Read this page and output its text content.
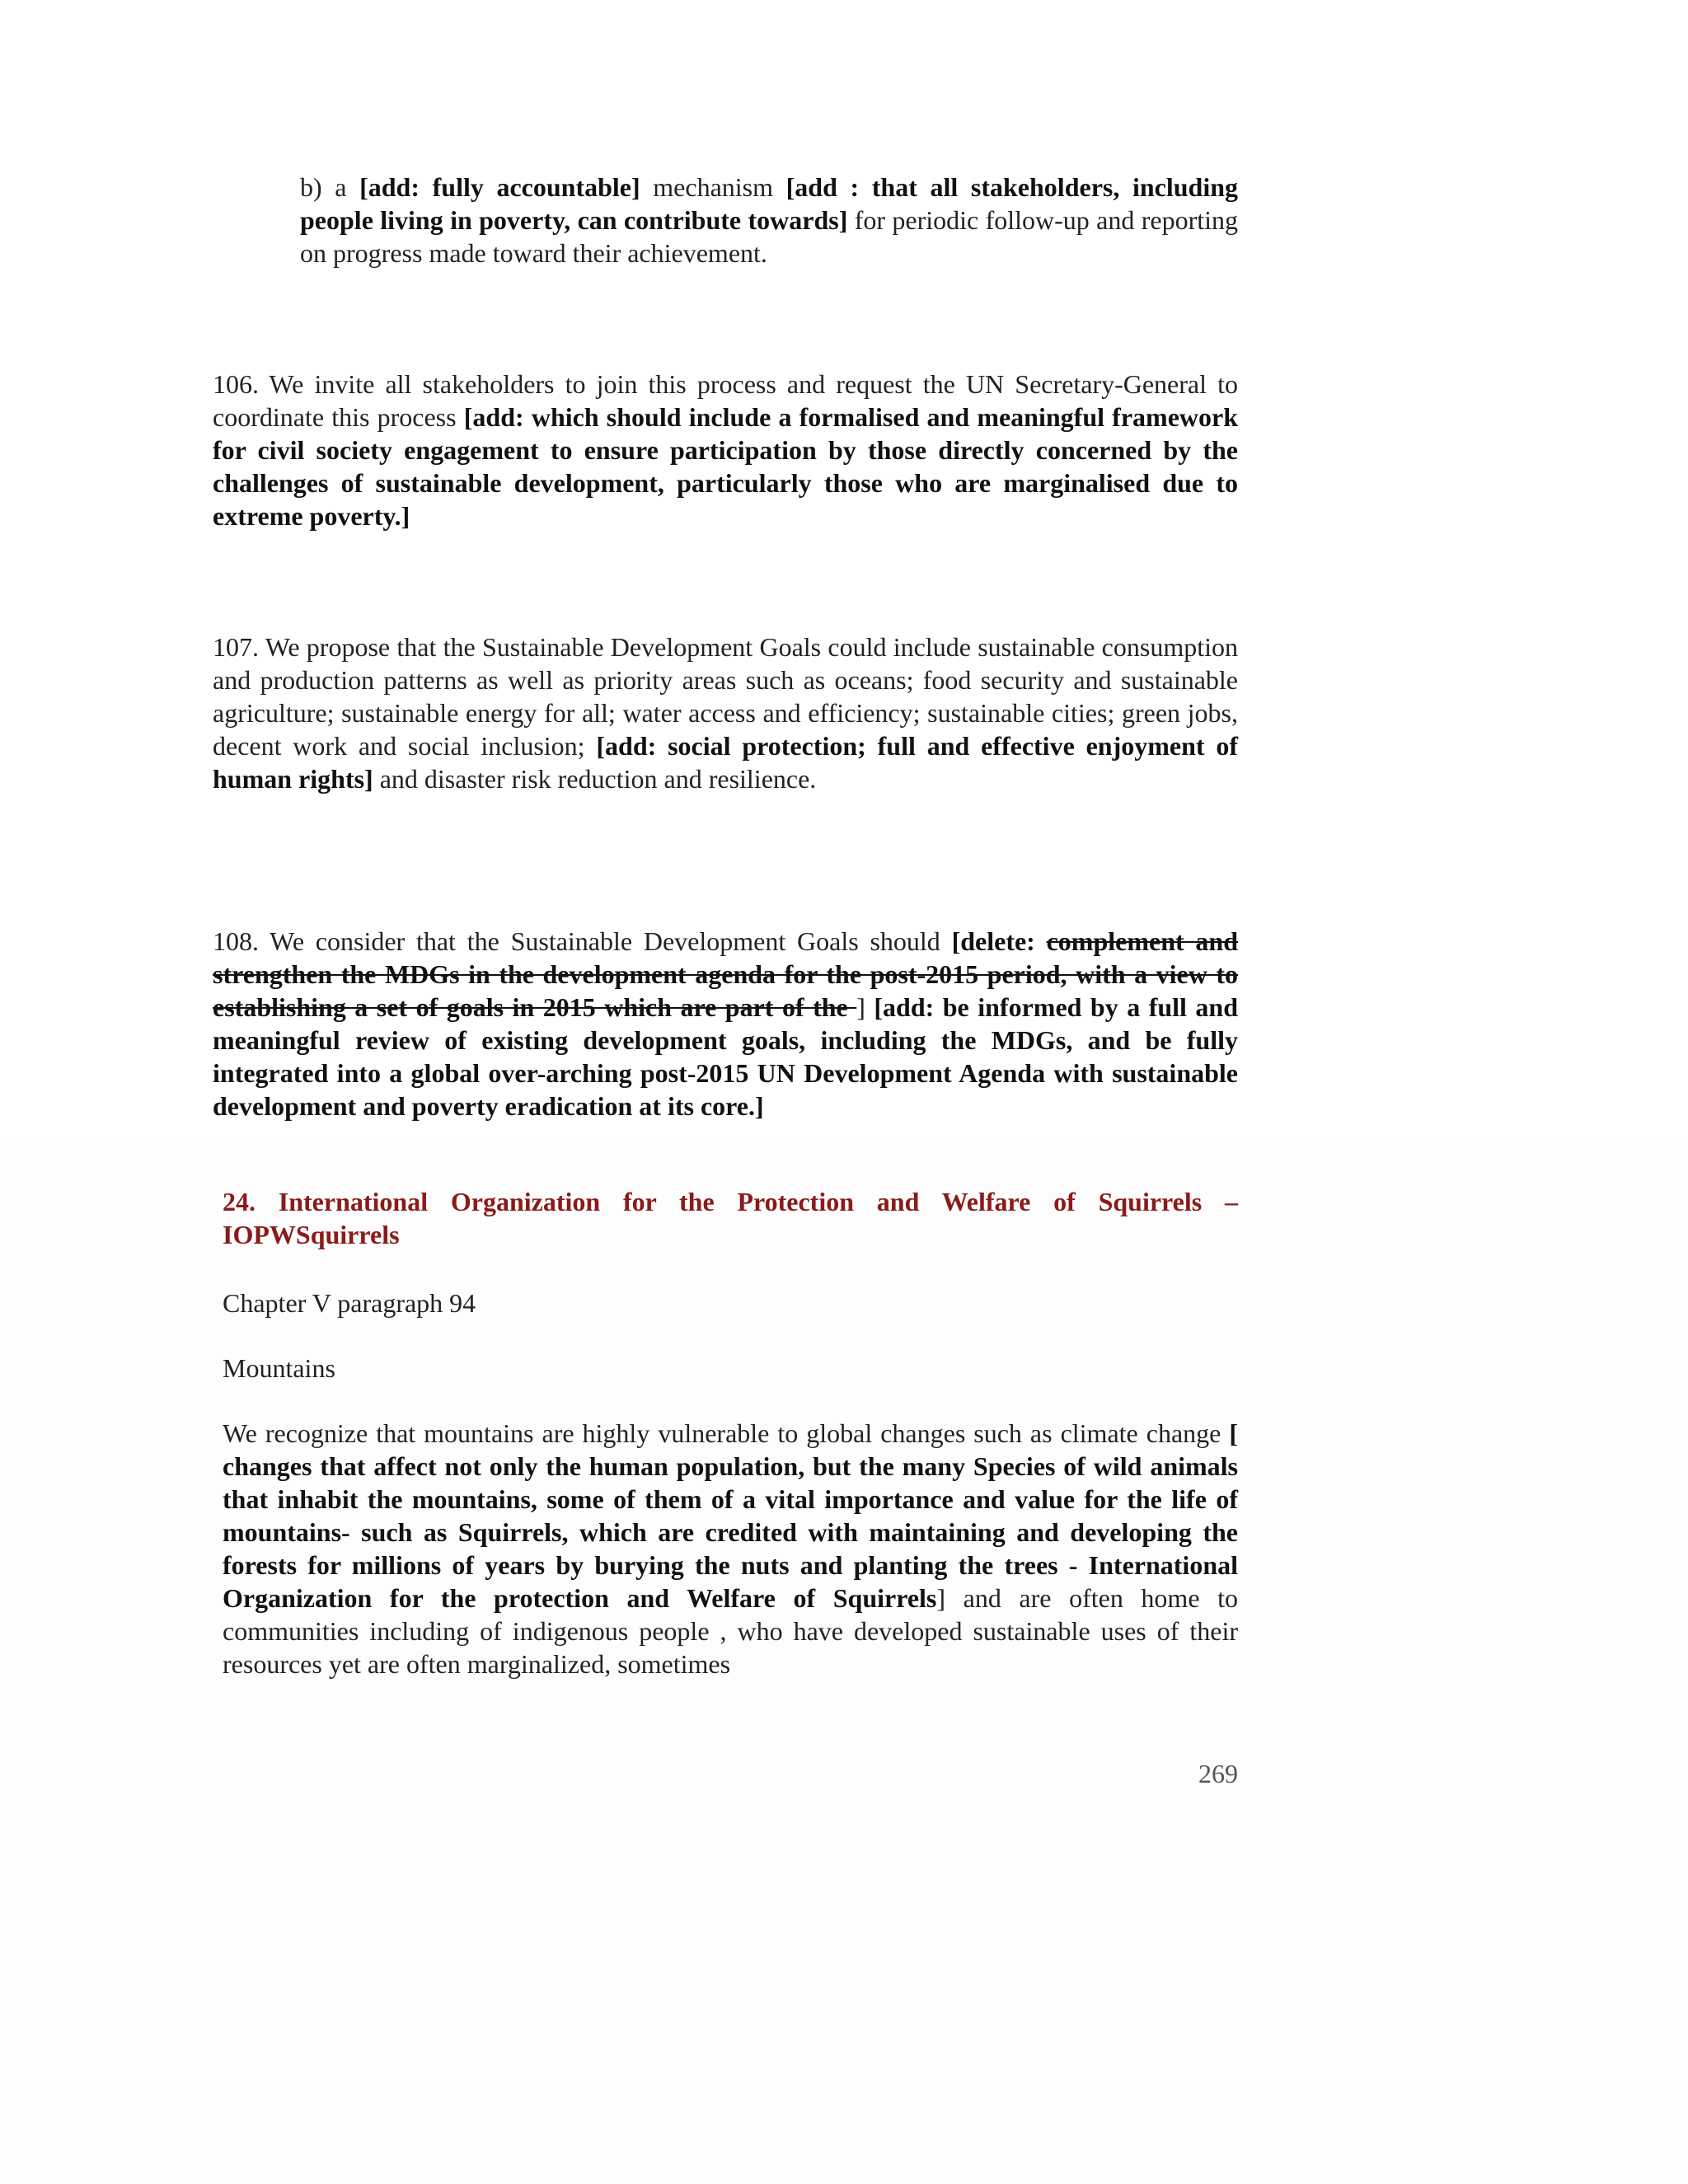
b) a [add: fully accountable] mechanism [add : that all stakeholders, including people living in poverty, can contribute towards] for periodic follow-up and reporting on progress made toward their achievement.

106. We invite all stakeholders to join this process and request the UN Secretary-General to coordinate this process [add: which should include a formalised and meaningful framework for civil society engagement to ensure participation by those directly concerned by the challenges of sustainable development, particularly those who are marginalised due to extreme poverty.]

107. We propose that the Sustainable Development Goals could include sustainable consumption and production patterns as well as priority areas such as oceans; food security and sustainable agriculture; sustainable energy for all; water access and efficiency; sustainable cities; green jobs, decent work and social inclusion; [add: social protection; full and effective enjoyment of human rights] and disaster risk reduction and resilience.

108. We consider that the Sustainable Development Goals should [delete: complement and strengthen the MDGs in the development agenda for the post-2015 period, with a view to establishing a set of goals in 2015 which are part of the ] [add: be informed by a full and meaningful review of existing development goals, including the MDGs, and be fully integrated into a global over-arching post-2015 UN Development Agenda with sustainable development and poverty eradication at its core.]

24. International Organization for the Protection and Welfare of Squirrels – IOPWSquirrels

Chapter V paragraph 94

Mountains

We recognize that mountains are highly vulnerable to global changes such as climate change [ changes that affect not only the human population, but the many Species of wild animals that inhabit the mountains, some of them of a vital importance and value for the life of mountains- such as Squirrels, which are credited with maintaining and developing the forests for millions of years by burying the nuts and planting the trees - International Organization for the protection and Welfare of Squirrels] and are often home to communities including of indigenous people , who have developed sustainable uses of their resources yet are often marginalized, sometimes

269
